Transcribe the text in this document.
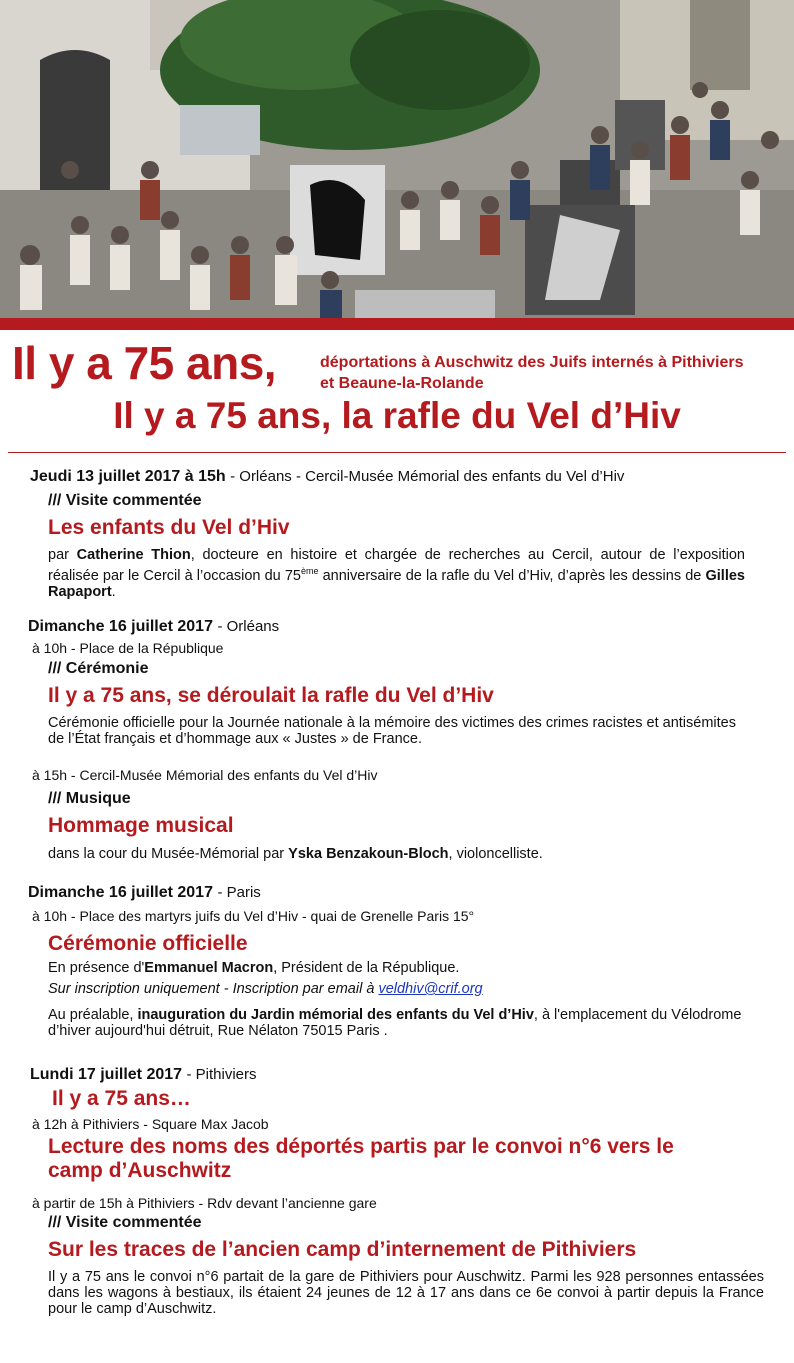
Il y a 75 ans,	déportations à Auschwitz des Juifs internés à Pithiviers
et Beaune-la-Rolande
Il y a 75 ans, la rafle du Vel d’Hiv
Jeudi 13 juillet 2017 à 15h - Orléans - Cercil-Musée Mémorial des enfants du Vel d’Hiv
/// Visite commentée
Les enfants du Vel d’Hiv
par Catherine Thion, docteure en histoire et chargée de recherches au Cercil, autour de l’exposition réalisée par le Cercil à l’occasion du 75ème anniversaire de la rafle du Vel d’Hiv, d’après les dessins de Gilles Rapaport.
Dimanche 16 juillet 2017 - Orléans
à 10h - Place de la République
/// Cérémonie
Il y a 75 ans, se déroulait la rafle du Vel d’Hiv
Cérémonie officielle pour la Journée nationale à la mémoire des victimes des crimes racistes et antisémites de l’État français et d’hommage aux « Justes » de France.
à 15h - Cercil-Musée Mémorial des enfants du Vel d’Hiv
/// Musique
Hommage musical
dans la cour du Musée-Mémorial par Yska Benzakoun-Bloch, violoncelliste.
Dimanche 16 juillet 2017 - Paris
à 10h - Place des martyrs juifs du Vel d’Hiv - quai de Grenelle Paris 15°
Cérémonie officielle
En présence d'Emmanuel Macron, Président de la République.
Sur inscription uniquement - Inscription par email à veldhiv@crif.org
Au préalable, inauguration du Jardin mémorial des enfants du Vel d’Hiv, à l'emplacement du Vélodrome d’hiver aujourd'hui détruit, Rue Nélaton 75015 Paris .
Lundi 17 juillet 2017 - Pithiviers
Il y a 75 ans…
à 12h à Pithiviers - Square Max Jacob
Lecture des noms des déportés partis par le convoi n°6 vers le
camp d’Auschwitz
à partir de 15h à Pithiviers - Rdv devant l’ancienne gare
/// Visite commentée
Sur les traces de l’ancien camp d’internement de Pithiviers
Il y a 75 ans le convoi n°6 partait de la gare de Pithiviers pour Auschwitz. Parmi les 928 personnes entassées dans les wagons à bestiaux, ils étaient 24 jeunes de 12 à 17 ans dans ce 6e convoi à partir depuis la France pour le camp d’Auschwitz.
